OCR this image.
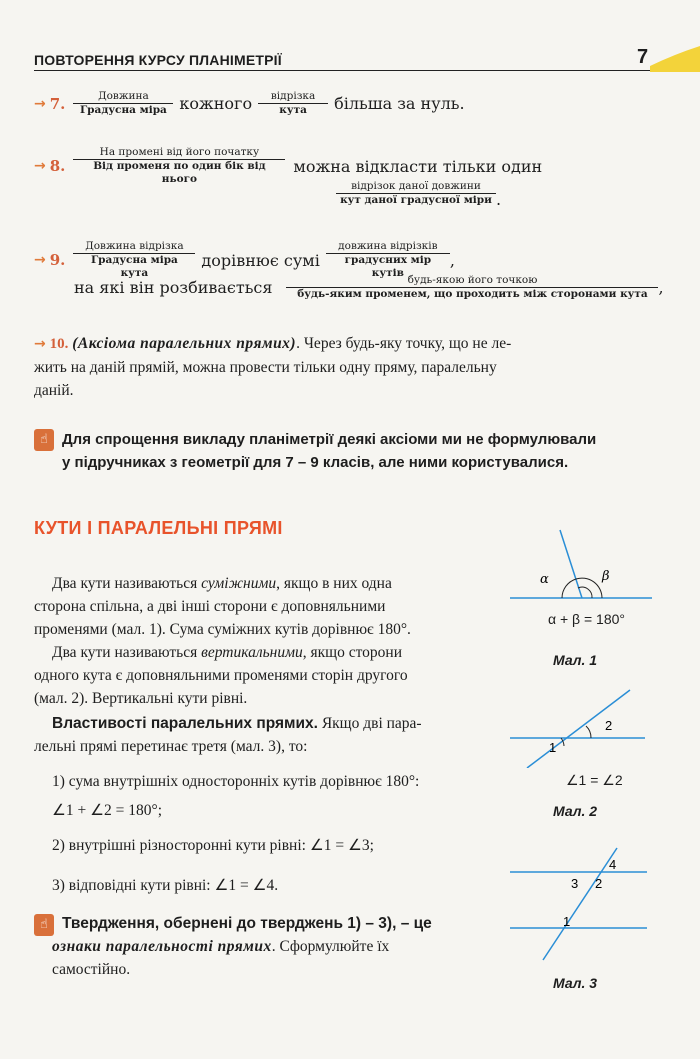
ПОВТОРЕННЯ КУРСУ ПЛАНІМЕТРІЇ	7
→ 7. $\frac{\text{Довжина}}{\text{Градусна міра}}$ кожного $\frac{\text{відрізка}}{\text{кута}}$ більша за нуль.
→ 8. $\frac{\text{На промені від його початку}}{\text{Від променя по один бік від нього}}$ можна відкласти тільки один
$\frac{\text{відрізок даної довжини}}{\text{кут даної градусної міри}}$ .
→ 9. $\frac{\text{Довжина відрізка}}{\text{Градусна міра кута}}$ дорівнює сумі $\frac{\text{довжина відрізків}}{\text{градусних мір кутів}}$ ,
на які він розбивається $\frac{\text{будь-якою його точкою}}{\text{будь-яким променем, що проходить між сторонами кута}}$ ,
→ 10. (Аксіома паралельних прямих). Через будь-яку точку, що не ле-
жить на даній прямій, можна провести тільки одну пряму, паралельну
даній.
☝ Для спрощення викладу планіметрії деякі аксіоми ми не формулювали
у підручниках з геометрії для 7 – 9 класів, але ними користувалися.
КУТИ І ПАРАЛЕЛЬНІ ПРЯМІ
Два кути називаються суміжними, якщо в них одна
сторона спільна, а дві інші сторони є доповняльними
променями (мал. 1). Сума суміжних кутів дорівнює 180°.
Два кути називаються вертикальними, якщо сторони
одного кута є доповняльними променями сторін другого
(мал. 2). Вертикальні кути рівні.
Властивості паралельних прямих. Якщо дві пара-
лельні прямі перетинає третя (мал. 3), то:
1) сума внутрішніх односторонніх кутів дорівнює 180°:
∠1 + ∠2 = 180°;
2) внутрішні різносторонні кути рівні: ∠1 = ∠3;
3) відповідні кути рівні: ∠1 = ∠4.
☝ Твердження, обернені до тверджень 1) – 3), – це
ознаки паралельності прямих. Сформулюйте їх
самостійно.
α	β
α + β = 180°
Мал. 1
1
2
∠1 = ∠2
Мал. 2
1
2
3
4
Мал. 3
